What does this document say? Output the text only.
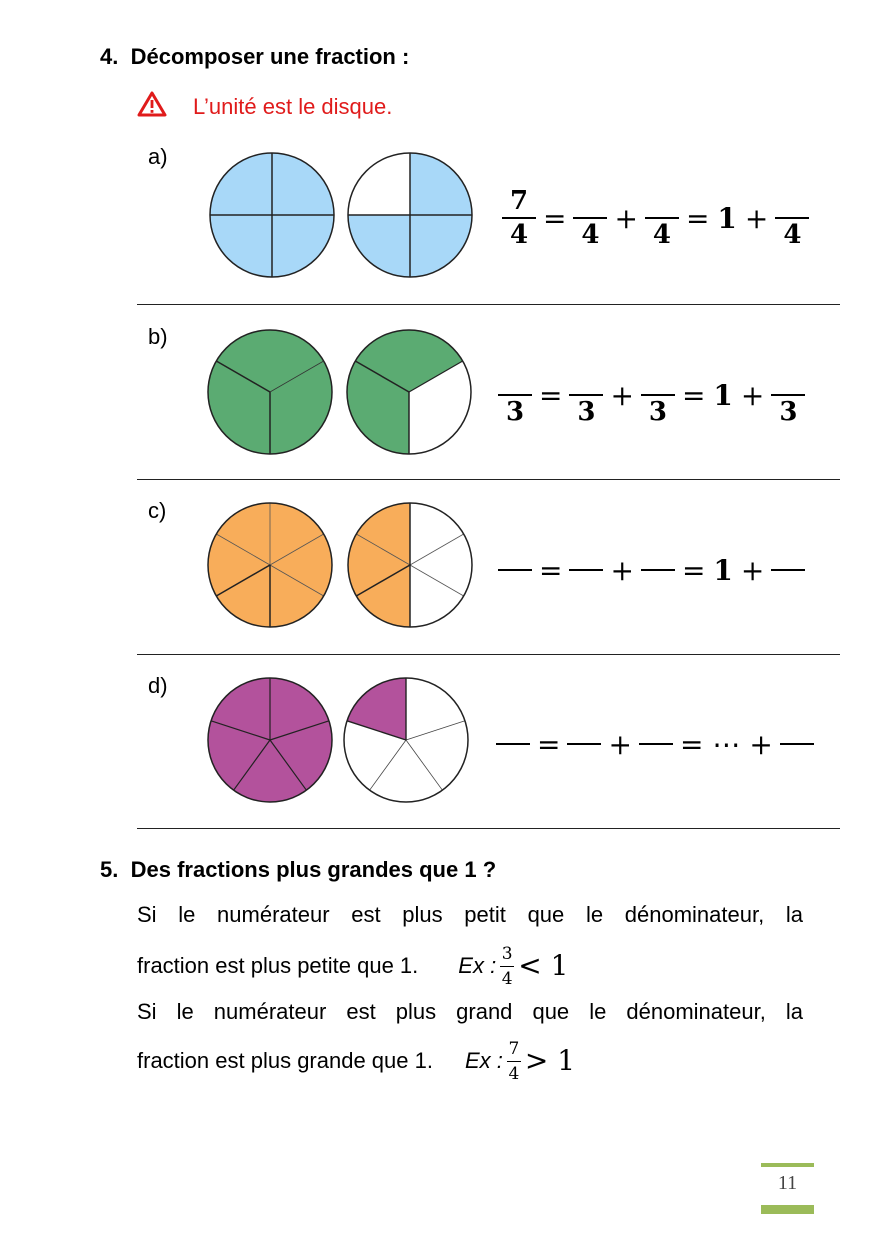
4. Décomposer une fraction :
L’unité est le disque.
a)
$\frac{7}{4}$ =
4
+
4
= 1 +
4
b)
3
=
3
+
3
= 1 +
3
c)
= + = 1 +
d)
= + = ⋯ +
5. Des fractions plus grandes que 1 ?
Si le numérateur est plus petit que le dénominateur, la
fraction est plus petite que 1. Ex : 3
4 < 1
Si le numérateur est plus grand que le dénominateur, la
fraction est plus grande que 1. Ex : 7
4 > 1
11
